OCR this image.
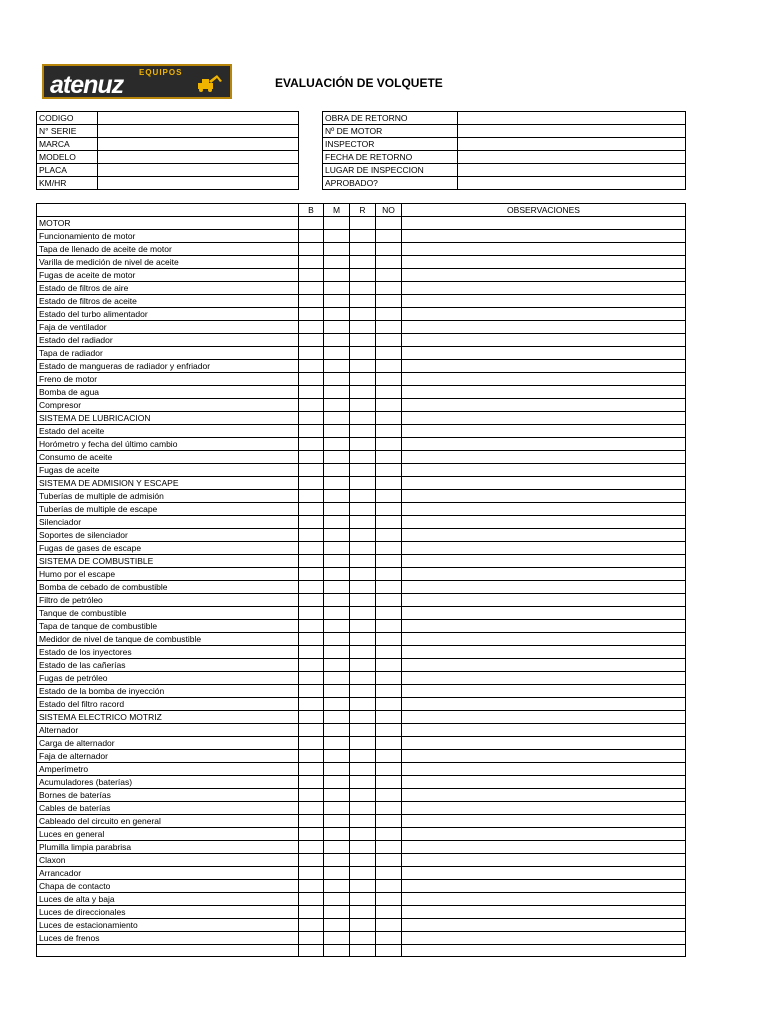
EQUIPOS
atenuz	EVALUACIÓN DE VOLQUETE
CODIGO	
N° SERIE	
MARCA	
MODELO	
PLACA	
KM/HR	
OBRA DE RETORNO	
Nº DE MOTOR	
INSPECTOR	
FECHA DE RETORNO	
LUGAR DE INSPECCION	
APROBADO?	
	B	M	R	NO	OBSERVACIONES
MOTOR					
Funcionamiento de motor					
Tapa de llenado de aceite de motor					
Varilla de medición de nivel de aceite					
Fugas de aceite de motor					
Estado de filtros de aire					
Estado de filtros de aceite					
Estado del turbo alimentador					
Faja de ventilador					
Estado del radiador					
Tapa de radiador					
Estado de mangueras de radiador y enfriador					
Freno de motor					
Bomba de agua					
Compresor					
SISTEMA DE LUBRICACION					
Estado del aceite					
Horómetro y fecha del último cambio					
Consumo de aceite					
Fugas de aceite					
SISTEMA DE ADMISION Y ESCAPE					
Tuberías de multiple de admisión					
Tuberías de multiple de escape					
Silenciador					
Soportes de silenciador					
Fugas de gases de escape					
SISTEMA DE COMBUSTIBLE					
Humo por el escape					
Bomba de cebado de combustible					
Filtro de petróleo					
Tanque de combustible					
Tapa de tanque de combustible					
Medidor de nivel de tanque de combustible					
Estado de los inyectores					
Estado de las cañerías					
Fugas de petróleo					
Estado de la bomba de inyección					
Estado del filtro racord					
SISTEMA ELECTRICO MOTRIZ					
Alternador					
Carga de alternador					
Faja de alternador					
Amperímetro					
Acumuladores (baterías)					
Bornes de baterías					
Cables de baterías					
Cableado del circuito en general					
Luces en general					
Plumilla limpia parabrisa					
Claxon					
Arrancador					
Chapa de contacto					
Luces de alta y baja					
Luces de direccionales					
Luces de estacionamiento					
Luces de frenos					
